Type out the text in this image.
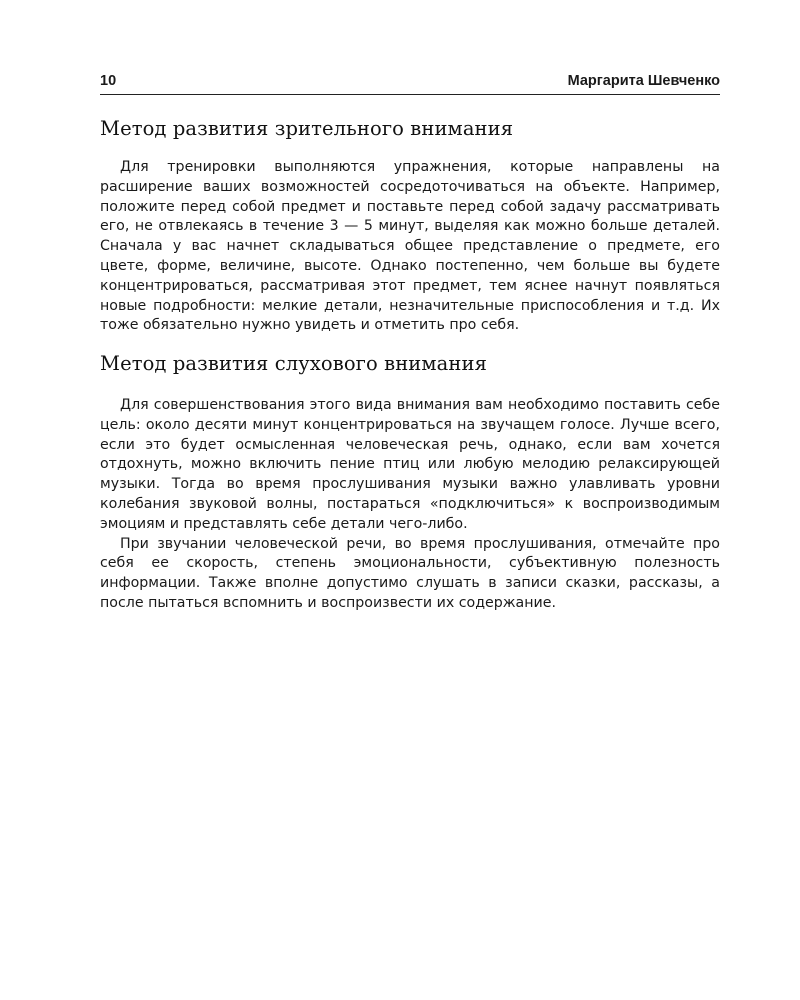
10	Маргарита Шевченко
Метод развития зрительного внимания

Для тренировки выполняются упражнения, которые направлены на расширение ваших возможностей сосредоточиваться на объекте. Например, положите перед собой предмет и поставьте перед собой задачу рассматривать его, не отвлекаясь в течение 3 — 5 минут, выделяя как можно больше деталей. Сначала у вас начнет складываться общее представление о предмете, его цвете, форме, величине, высоте. Однако постепенно, чем больше вы будете концентрироваться, рассматривая этот предмет, тем яснее начнут появляться новые подробности: мелкие детали, незначительные приспособления и т.д. Их тоже обязательно нужно увидеть и отметить про себя.

Метод развития слухового внимания

Для совершенствования этого вида внимания вам необходимо поставить себе цель: около десяти минут концентрироваться на звучащем голосе. Лучше всего, если это будет осмысленная человеческая речь, однако, если вам хочется отдохнуть, можно включить пение птиц или любую мелодию релаксирующей музыки. Тогда во время прослушивания музыки важно улавливать уровни колебания звуковой волны, постараться «подключиться» к воспроизводимым эмоциям и представлять себе детали чего-либо.

При звучании человеческой речи, во время прослушивания, отмечайте про себя ее скорость, степень эмоциональности, субъективную полезность информации. Также вполне допустимо слушать в записи сказки, рассказы, а после пытаться вспомнить и воспроизвести их содержание.
